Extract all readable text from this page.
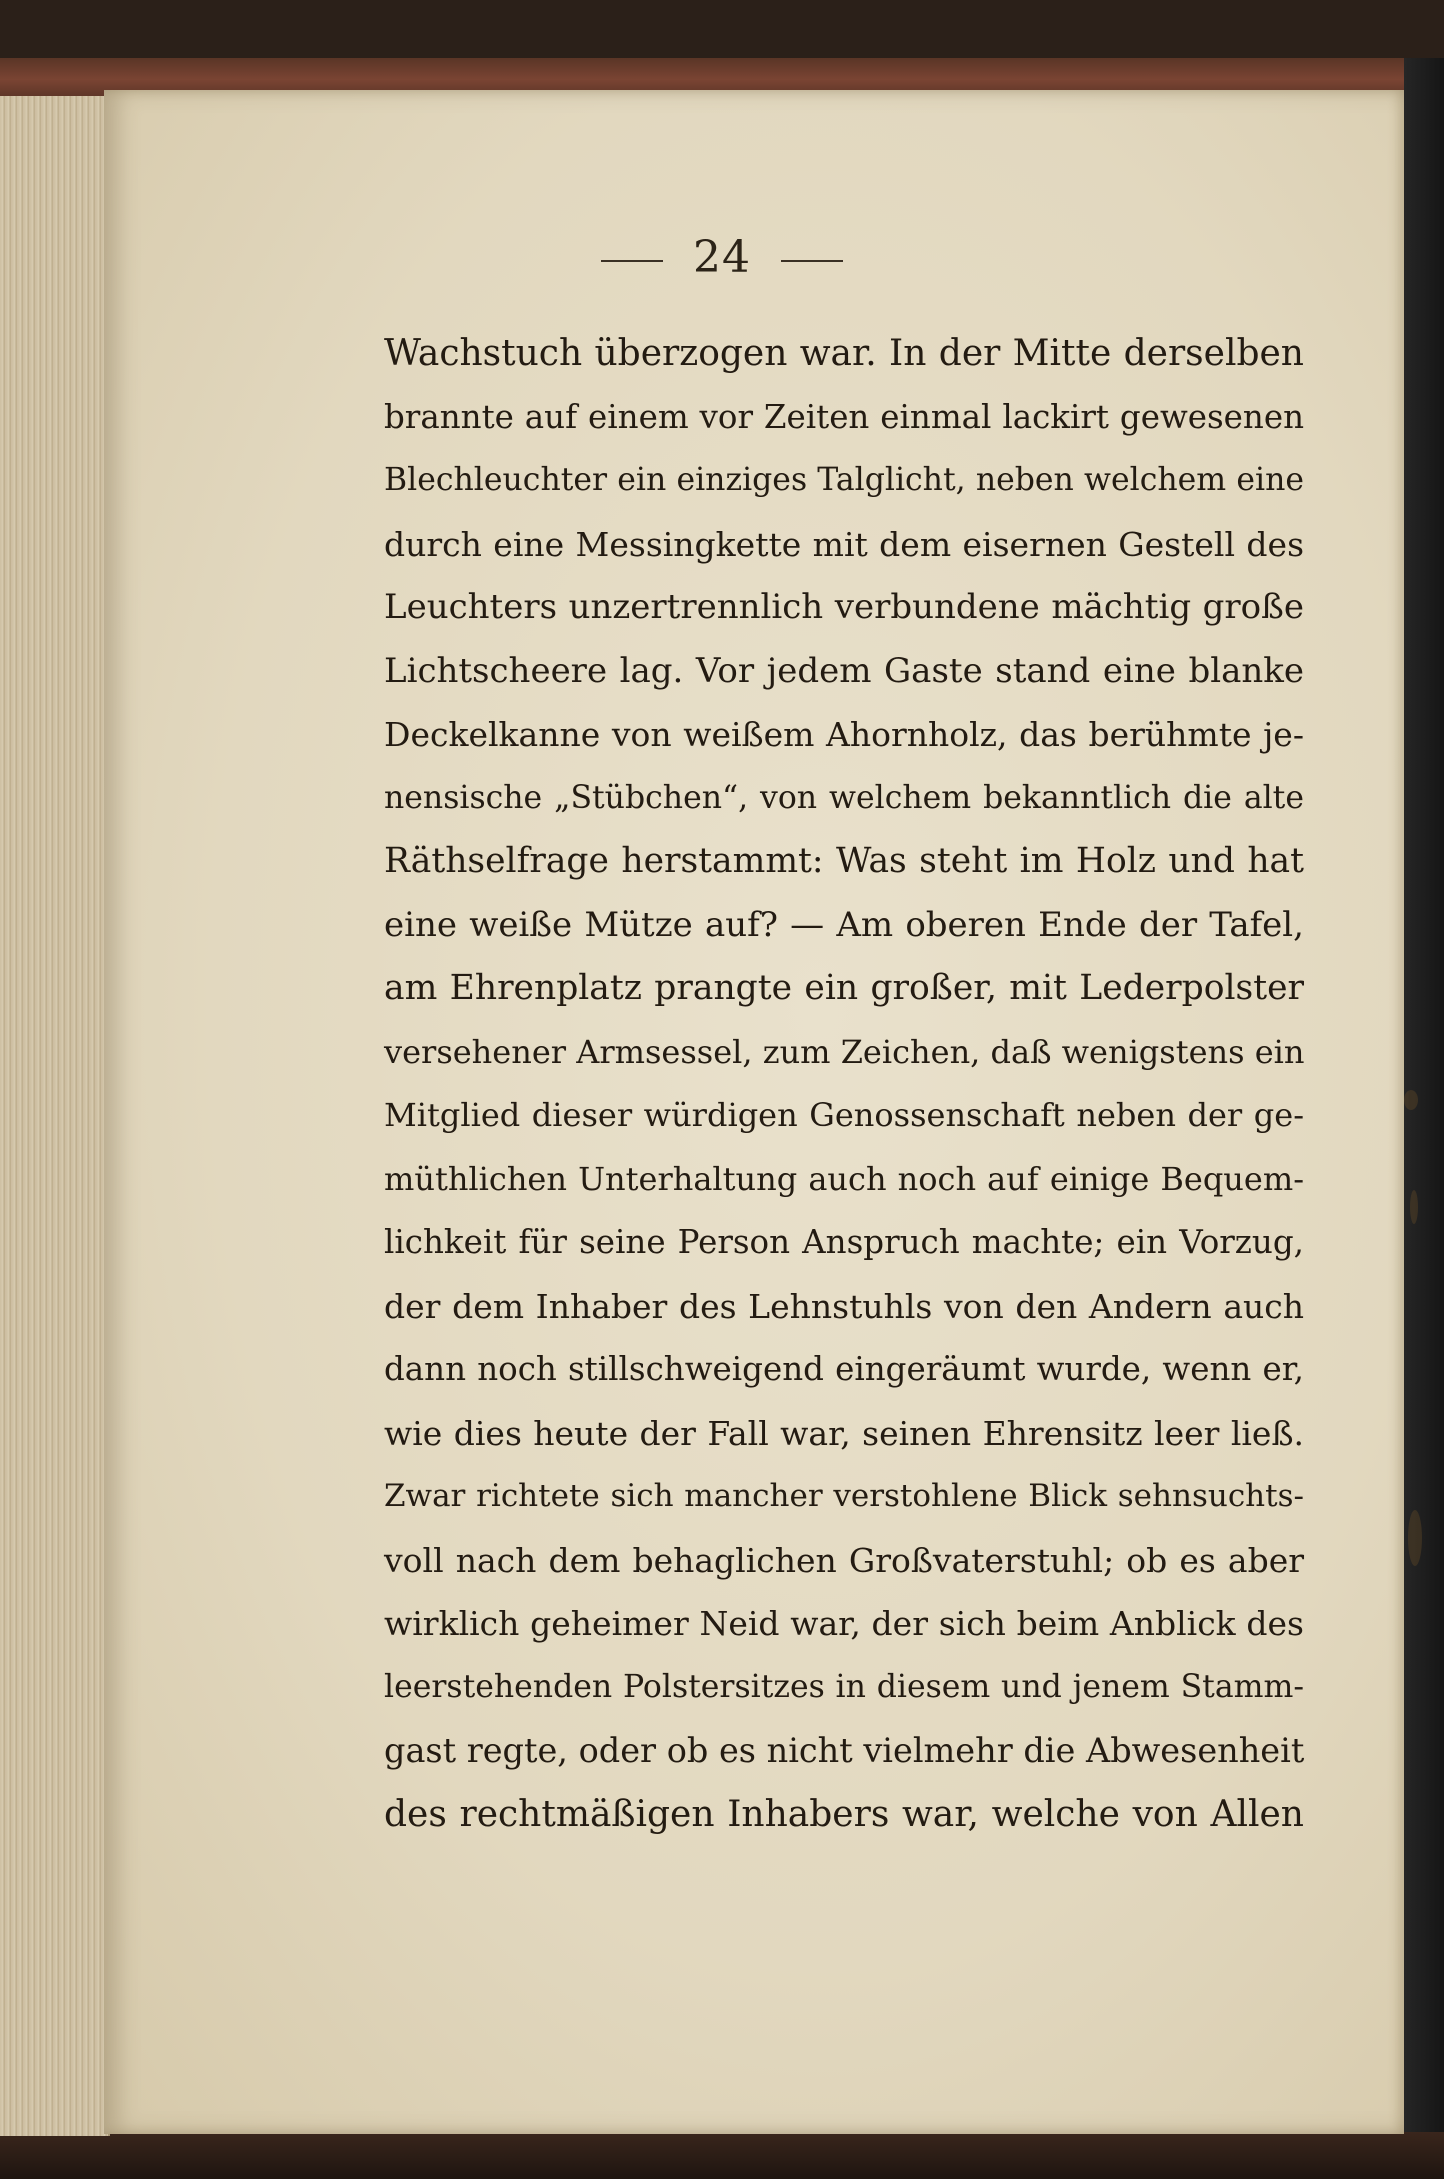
24
Wachstuch überzogen war. In der Mitte derselben
brannte auf einem vor Zeiten einmal lackirt gewesenen
Blechleuchter ein einziges Talglicht, neben welchem eine
durch eine Messingkette mit dem eisernen Gestell des
Leuchters unzertrennlich verbundene mächtig große
Lichtscheere lag. Vor jedem Gaste stand eine blanke
Deckelkanne von weißem Ahornholz, das berühmte je-
nensische „Stübchen“, von welchem bekanntlich die alte
Räthselfrage herstammt: Was steht im Holz und hat
eine weiße Mütze auf? — Am oberen Ende der Tafel,
am Ehrenplatz prangte ein großer, mit Lederpolster
versehener Armsessel, zum Zeichen, daß wenigstens ein
Mitglied dieser würdigen Genossenschaft neben der ge-
müthlichen Unterhaltung auch noch auf einige Bequem-
lichkeit für seine Person Anspruch machte; ein Vorzug,
der dem Inhaber des Lehnstuhls von den Andern auch
dann noch stillschweigend eingeräumt wurde, wenn er,
wie dies heute der Fall war, seinen Ehrensitz leer ließ.
Zwar richtete sich mancher verstohlene Blick sehnsuchts-
voll nach dem behaglichen Großvaterstuhl; ob es aber
wirklich geheimer Neid war, der sich beim Anblick des
leerstehenden Polstersitzes in diesem und jenem Stamm-
gast regte, oder ob es nicht vielmehr die Abwesenheit
des rechtmäßigen Inhabers war, welche von Allen
